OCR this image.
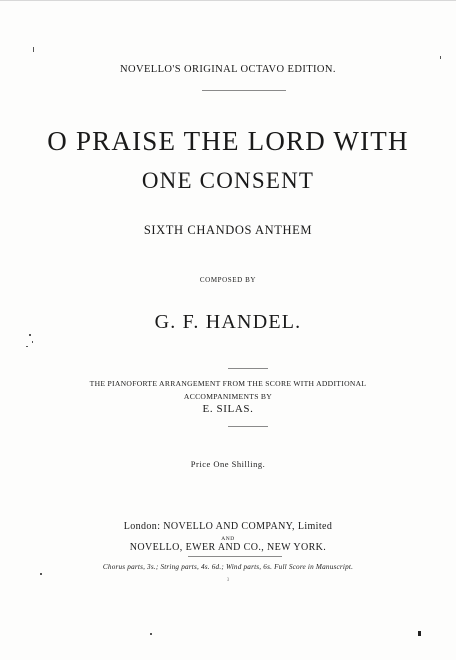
NOVELLO'S ORIGINAL OCTAVO EDITION.
O PRAISE THE LORD WITH
ONE CONSENT
SIXTH CHANDOS ANTHEM
COMPOSED BY
G. F. HANDEL.
THE PIANOFORTE ARRANGEMENT FROM THE SCORE WITH ADDITIONAL
ACCOMPANIMENTS BY
E. SILAS.
Price One Shilling.
London: NOVELLO AND COMPANY, Limited
AND
NOVELLO, EWER AND CO., NEW YORK.
Chorus parts, 3s.; String parts, 4s. 6d.; Wind parts, 6s. Full Score in Manuscript.
3
